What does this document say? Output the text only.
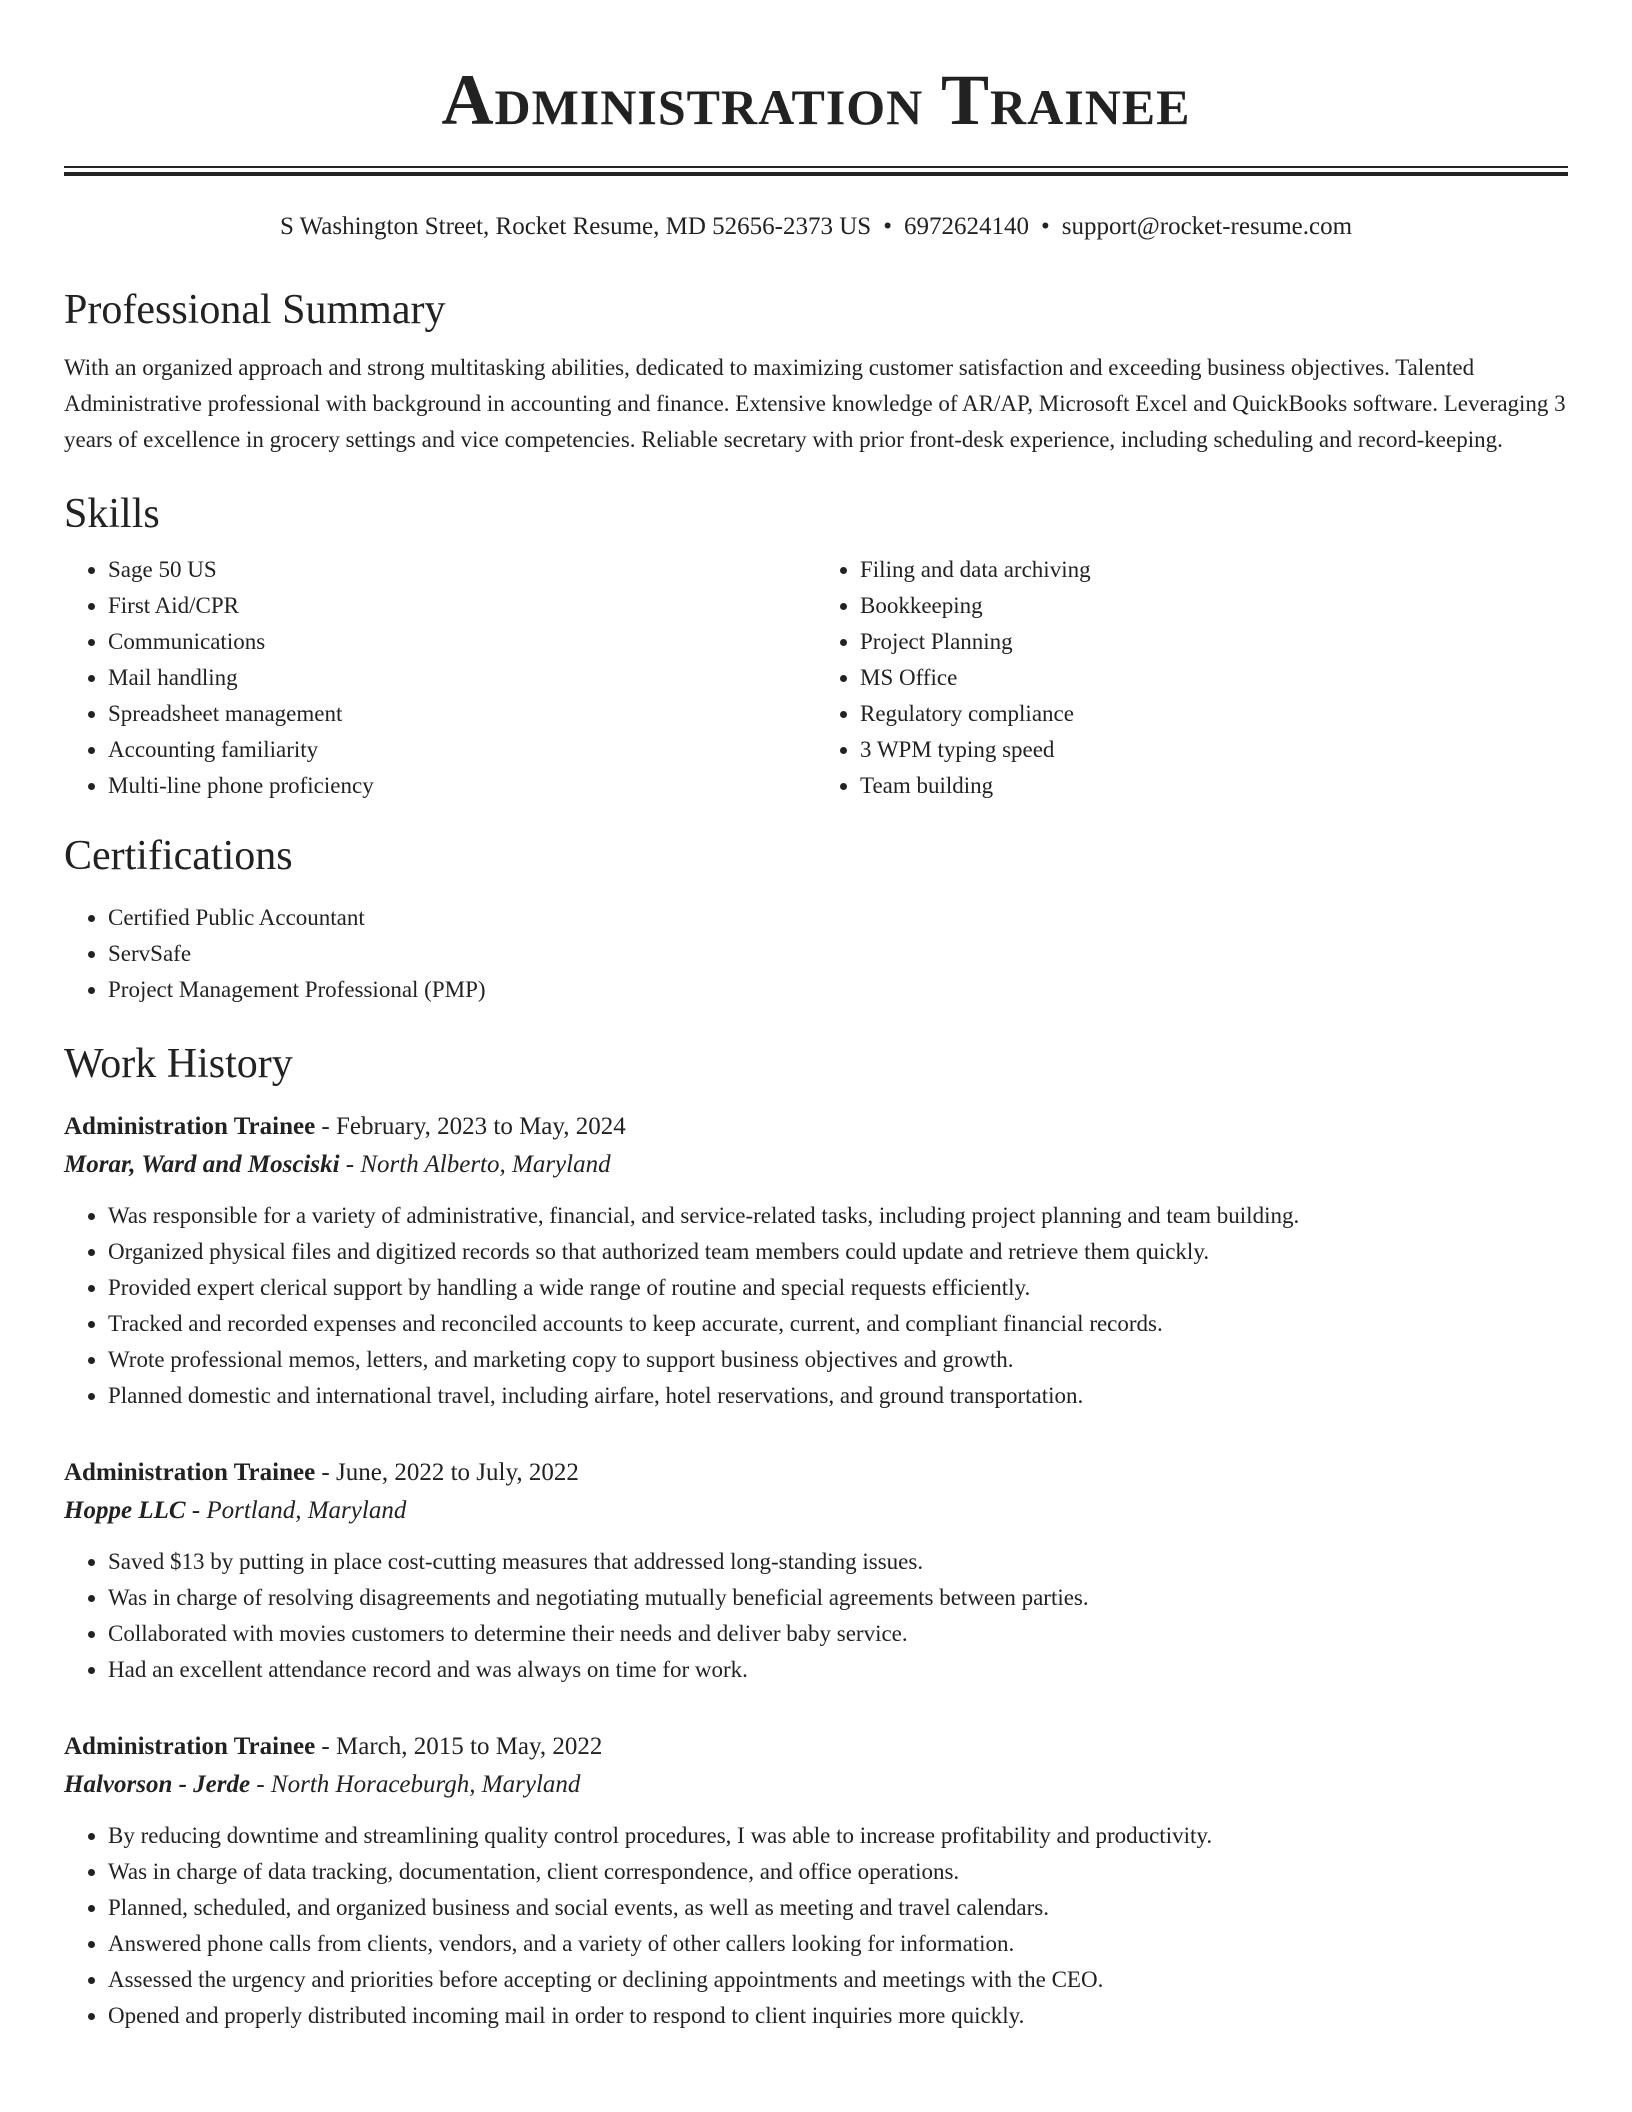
Administration Trainee
S Washington Street, Rocket Resume, MD 52656-2373 US • 6972624140 • support@rocket-resume.com
Professional Summary

With an organized approach and strong multitasking abilities, dedicated to maximizing customer satisfaction and exceeding business objectives. Talented Administrative professional with background in accounting and finance. Extensive knowledge of AR/AP, Microsoft Excel and QuickBooks software. Leveraging 3 years of excellence in grocery settings and vice competencies. Reliable secretary with prior front-desk experience, including scheduling and record-keeping.

Skills
• Sage 50 US
• First Aid/CPR
• Communications
• Mail handling
• Spreadsheet management
• Accounting familiarity
• Multi-line phone proficiency
• Filing and data archiving
• Bookkeeping
• Project Planning
• MS Office
• Regulatory compliance
• 3 WPM typing speed
• Team building
Certifications
• Certified Public Accountant
• ServSafe
• Project Management Professional (PMP)
Work History
Administration Trainee - February, 2023 to May, 2024
Morar, Ward and Mosciski - North Alberto, Maryland
• Was responsible for a variety of administrative, financial, and service-related tasks, including project planning and team building.
• Organized physical files and digitized records so that authorized team members could update and retrieve them quickly.
• Provided expert clerical support by handling a wide range of routine and special requests efficiently.
• Tracked and recorded expenses and reconciled accounts to keep accurate, current, and compliant financial records.
• Wrote professional memos, letters, and marketing copy to support business objectives and growth.
• Planned domestic and international travel, including airfare, hotel reservations, and ground transportation.
Administration Trainee - June, 2022 to July, 2022
Hoppe LLC - Portland, Maryland
• Saved $13 by putting in place cost-cutting measures that addressed long-standing issues.
• Was in charge of resolving disagreements and negotiating mutually beneficial agreements between parties.
• Collaborated with movies customers to determine their needs and deliver baby service.
• Had an excellent attendance record and was always on time for work.
Administration Trainee - March, 2015 to May, 2022
Halvorson - Jerde - North Horaceburgh, Maryland
• By reducing downtime and streamlining quality control procedures, I was able to increase profitability and productivity.
• Was in charge of data tracking, documentation, client correspondence, and office operations.
• Planned, scheduled, and organized business and social events, as well as meeting and travel calendars.
• Answered phone calls from clients, vendors, and a variety of other callers looking for information.
• Assessed the urgency and priorities before accepting or declining appointments and meetings with the CEO.
• Opened and properly distributed incoming mail in order to respond to client inquiries more quickly.
